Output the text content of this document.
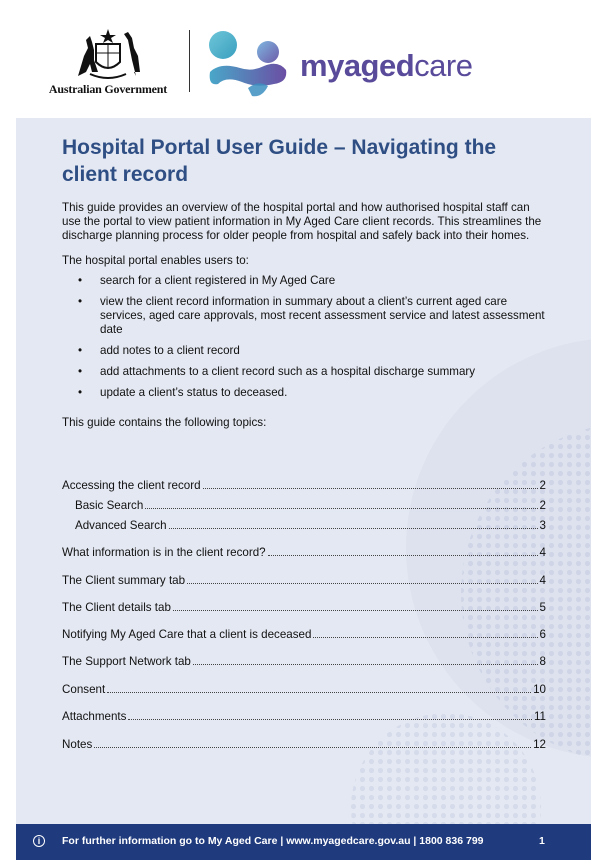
Australian Government
myagedcare
Hospital Portal User Guide – Navigating the client record

This guide provides an overview of the hospital portal and how authorised hospital staff can use the portal to view patient information in My Aged Care client records. This streamlines the discharge planning process for older people from hospital and safely back into their homes.

The hospital portal enables users to:

• search for a client registered in My Aged Care
• view the client record information in summary about a client’s current aged care services, aged care approvals, most recent assessment service and latest assessment date
• add notes to a client record
• add attachments to a client record such as a hospital discharge summary
• update a client’s status to deceased.

This guide contains the following topics:

Accessing the client record	2
Basic Search	2
Advanced Search	3
What information is in the client record?	4
The Client summary tab	4
The Client details tab	5
Notifying My Aged Care that a client is deceased	6
The Support Network tab	8
Consent	10
Attachments	11
Notes	12
i	For further information go to My Aged Care | www.myagedcare.gov.au | 1800 836 799	1
